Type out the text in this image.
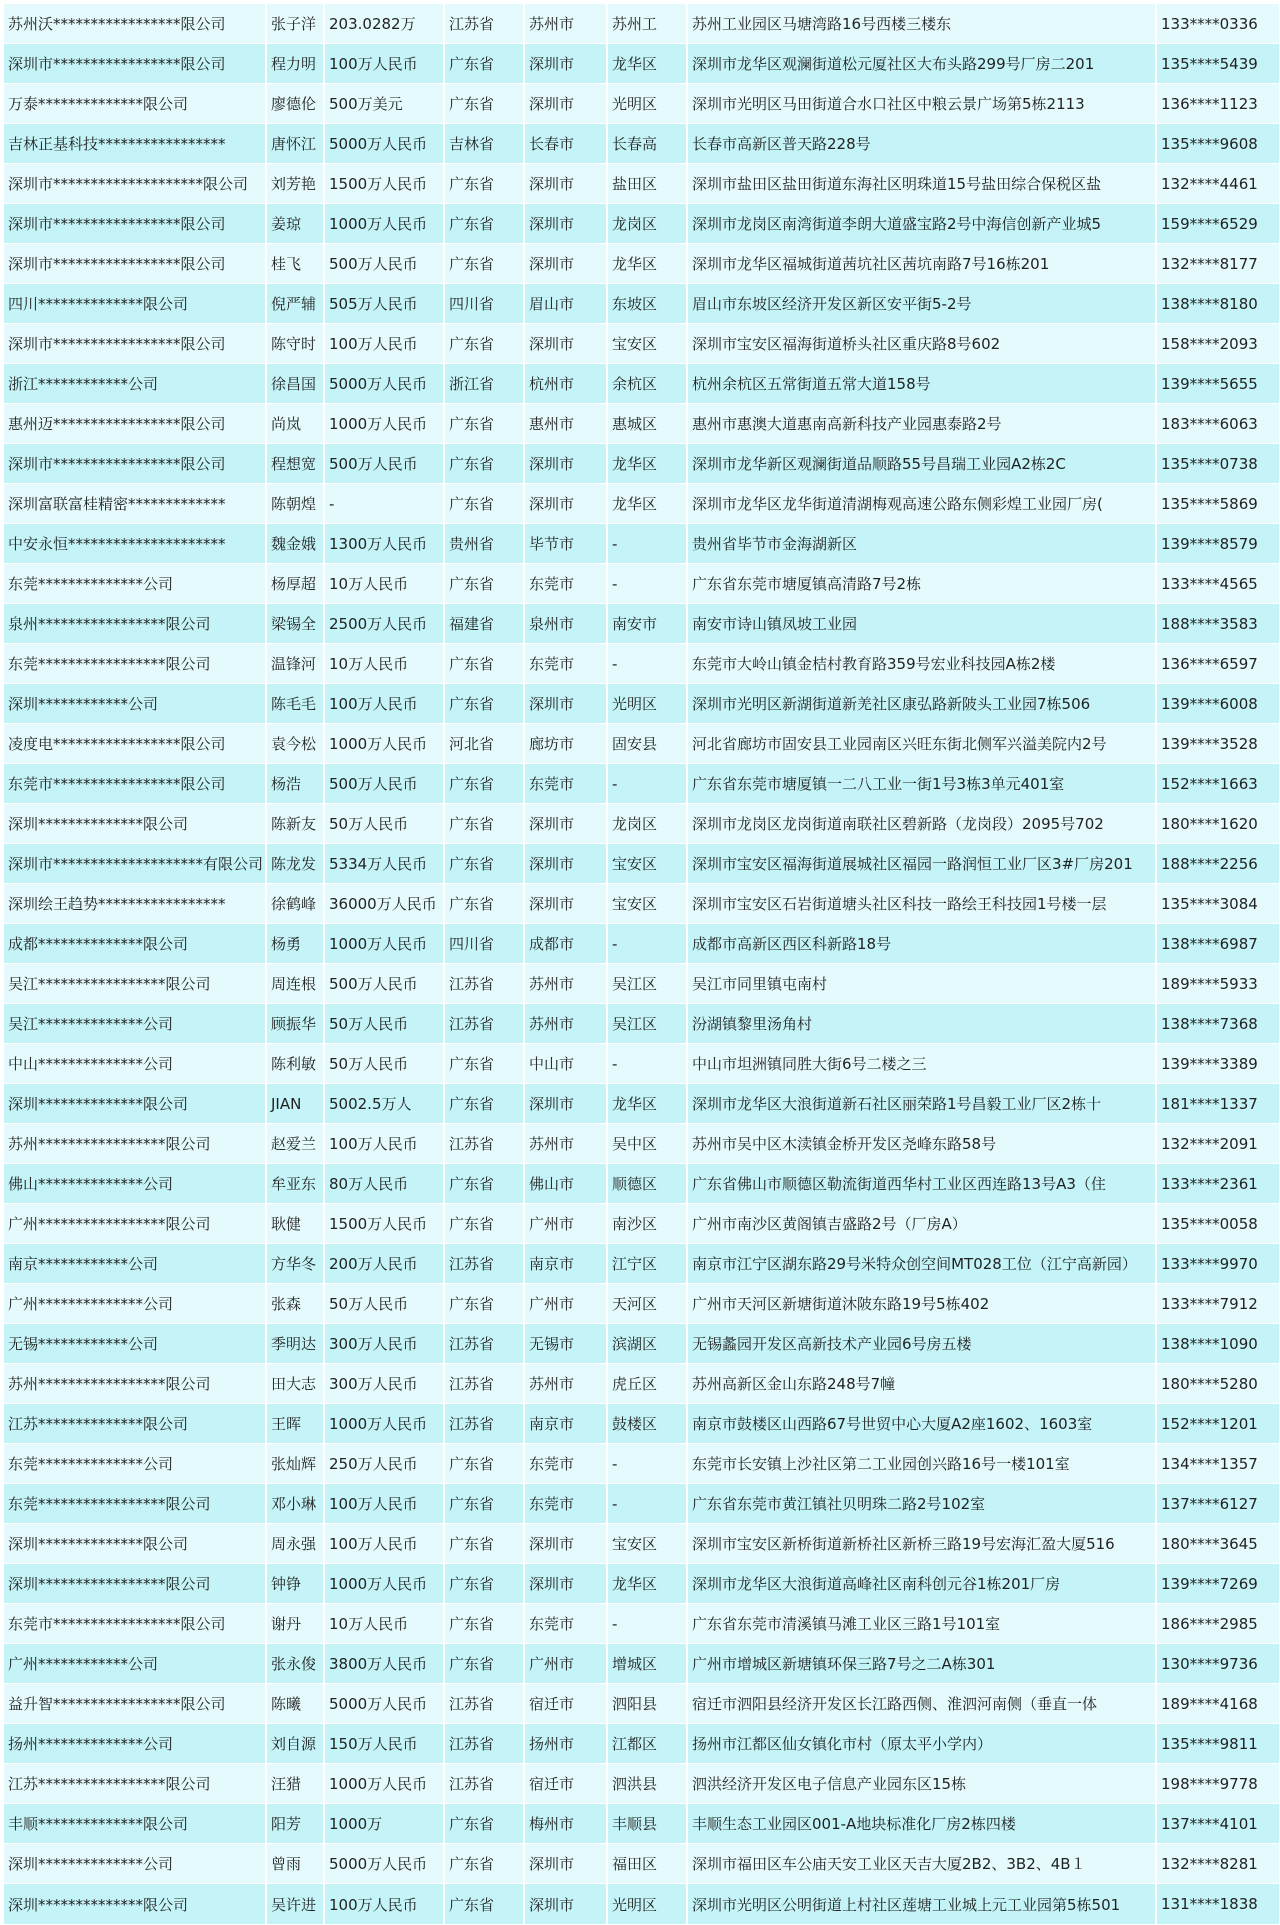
苏州沃*****************限公司	张子洋	203.0282万	江苏省	苏州市	苏州工	苏州工业园区马塘湾路16号西楼三楼东	133****0336
深圳市*****************限公司	程力明	100万人民币	广东省	深圳市	龙华区	深圳市龙华区观澜街道松元厦社区大布头路299号厂房二201	135****5439
万泰**************限公司	廖德伦	500万美元	广东省	深圳市	光明区	深圳市光明区马田街道合水口社区中粮云景广场第5栋2113	136****1123
吉林正基科技*****************	唐怀江	5000万人民币	吉林省	长春市	长春高	长春市高新区普天路228号	135****9608
深圳市********************限公司	刘芳艳	1500万人民币	广东省	深圳市	盐田区	深圳市盐田区盐田街道东海社区明珠道15号盐田综合保税区盐	132****4461
深圳市*****************限公司	姜琼	1000万人民币	广东省	深圳市	龙岗区	深圳市龙岗区南湾街道李朗大道盛宝路2号中海信创新产业城5	159****6529
深圳市*****************限公司	桂飞	500万人民币	广东省	深圳市	龙华区	深圳市龙华区福城街道茜坑社区茜坑南路7号16栋201	132****8177
四川**************限公司	倪严辅	505万人民币	四川省	眉山市	东坡区	眉山市东坡区经济开发区新区安平街5-2号	138****8180
深圳市*****************限公司	陈守时	100万人民币	广东省	深圳市	宝安区	深圳市宝安区福海街道桥头社区重庆路8号602	158****2093
浙江************公司	徐昌国	5000万人民币	浙江省	杭州市	余杭区	杭州余杭区五常街道五常大道158号	139****5655
惠州迈*****************限公司	尚岚	1000万人民币	广东省	惠州市	惠城区	惠州市惠澳大道惠南高新科技产业园惠泰路2号	183****6063
深圳市*****************限公司	程想宽	500万人民币	广东省	深圳市	龙华区	深圳市龙华新区观澜街道品顺路55号昌瑞工业园A2栋2C	135****0738
深圳富联富桂精密*************	陈朝煌	-	广东省	深圳市	龙华区	深圳市龙华区龙华街道清湖梅观高速公路东侧彩煌工业园厂房(	135****5869
中安永恒*********************	魏金娥	1300万人民币	贵州省	毕节市	-	贵州省毕节市金海湖新区	139****8579
东莞**************公司	杨厚超	10万人民币	广东省	东莞市	-	广东省东莞市塘厦镇高清路7号2栋	133****4565
泉州*****************限公司	梁锡全	2500万人民币	福建省	泉州市	南安市	南安市诗山镇凤坡工业园	188****3583
东莞*****************限公司	温锋河	10万人民币	广东省	东莞市	-	东莞市大岭山镇金桔村教育路359号宏业科技园A栋2楼	136****6597
深圳************公司	陈毛毛	100万人民币	广东省	深圳市	光明区	深圳市光明区新湖街道新羌社区康弘路新陂头工业园7栋506	139****6008
凌度电*****************限公司	袁今松	1000万人民币	河北省	廊坊市	固安县	河北省廊坊市固安县工业园南区兴旺东街北侧军兴溢美院内2号	139****3528
东莞市*****************限公司	杨浩	500万人民币	广东省	东莞市	-	广东省东莞市塘厦镇一二八工业一街1号3栋3单元401室	152****1663
深圳**************限公司	陈新友	50万人民币	广东省	深圳市	龙岗区	深圳市龙岗区龙岗街道南联社区碧新路（龙岗段）2095号702	180****1620
深圳市********************有限公司	陈龙发	5334万人民币	广东省	深圳市	宝安区	深圳市宝安区福海街道展城社区福园一路润恒工业厂区3#厂房201	188****2256
深圳绘王趋势*****************	徐鹤峰	36000万人民币	广东省	深圳市	宝安区	深圳市宝安区石岩街道塘头社区科技一路绘王科技园1号楼一层	135****3084
成都**************限公司	杨勇	1000万人民币	四川省	成都市	-	成都市高新区西区科新路18号	138****6987
吴江*****************限公司	周连根	500万人民币	江苏省	苏州市	吴江区	吴江市同里镇屯南村	189****5933
吴江**************公司	顾振华	50万人民币	江苏省	苏州市	吴江区	汾湖镇黎里汤角村	138****7368
中山**************公司	陈利敏	50万人民币	广东省	中山市	-	中山市坦洲镇同胜大街6号二楼之三	139****3389
深圳**************限公司	JIAN	5002.5万人	广东省	深圳市	龙华区	深圳市龙华区大浪街道新石社区丽荣路1号昌毅工业厂区2栋十	181****1337
苏州*****************限公司	赵爱兰	100万人民币	江苏省	苏州市	吴中区	苏州市吴中区木渎镇金桥开发区尧峰东路58号	132****2091
佛山**************公司	牟亚东	80万人民币	广东省	佛山市	顺德区	广东省佛山市顺德区勒流街道西华村工业区西连路13号A3（住	133****2361
广州*****************限公司	耿健	1500万人民币	广东省	广州市	南沙区	广州市南沙区黄阁镇吉盛路2号（厂房A）	135****0058
南京************公司	方华冬	200万人民币	江苏省	南京市	江宁区	南京市江宁区湖东路29号米特众创空间MT028工位（江宁高新园）	133****9970
广州**************公司	张森	50万人民币	广东省	广州市	天河区	广州市天河区新塘街道沐陂东路19号5栋402	133****7912
无锡************公司	季明达	300万人民币	江苏省	无锡市	滨湖区	无锡蠡园开发区高新技术产业园6号房五楼	138****1090
苏州*****************限公司	田大志	300万人民币	江苏省	苏州市	虎丘区	苏州高新区金山东路248号7幢	180****5280
江苏**************限公司	王晖	1000万人民币	江苏省	南京市	鼓楼区	南京市鼓楼区山西路67号世贸中心大厦A2座1602、1603室	152****1201
东莞**************公司	张灿辉	250万人民币	广东省	东莞市	-	东莞市长安镇上沙社区第二工业园创兴路16号一楼101室	134****1357
东莞*****************限公司	邓小琳	100万人民币	广东省	东莞市	-	广东省东莞市黄江镇社贝明珠二路2号102室	137****6127
深圳**************限公司	周永强	100万人民币	广东省	深圳市	宝安区	深圳市宝安区新桥街道新桥社区新桥三路19号宏海汇盈大厦516	180****3645
深圳*****************限公司	钟铮	1000万人民币	广东省	深圳市	龙华区	深圳市龙华区大浪街道高峰社区南科创元谷1栋201厂房	139****7269
东莞市*****************限公司	谢丹	10万人民币	广东省	东莞市	-	广东省东莞市清溪镇马滩工业区三路1号101室	186****2985
广州************公司	张永俊	3800万人民币	广东省	广州市	增城区	广州市增城区新塘镇环保三路7号之二A栋301	130****9736
益升智*****************限公司	陈曦	5000万人民币	江苏省	宿迁市	泗阳县	宿迁市泗阳县经济开发区长江路西侧、淮泗河南侧（垂直一体	189****4168
扬州**************公司	刘自源	150万人民币	江苏省	扬州市	江都区	扬州市江都区仙女镇化市村（原太平小学内）	135****9811
江苏*****************限公司	汪猎	1000万人民币	江苏省	宿迁市	泗洪县	泗洪经济开发区电子信息产业园东区15栋	198****9778
丰顺**************限公司	阳芳	1000万	广东省	梅州市	丰顺县	丰顺生态工业园区001-A地块标准化厂房2栋四楼	137****4101
深圳**************公司	曾雨	5000万人民币	广东省	深圳市	福田区	深圳市福田区车公庙天安工业区天吉大厦2B2、3B2、4B１	132****8281
深圳**************限公司	吴许进	100万人民币	广东省	深圳市	光明区	深圳市光明区公明街道上村社区莲塘工业城上元工业园第5栋501	131****1838
